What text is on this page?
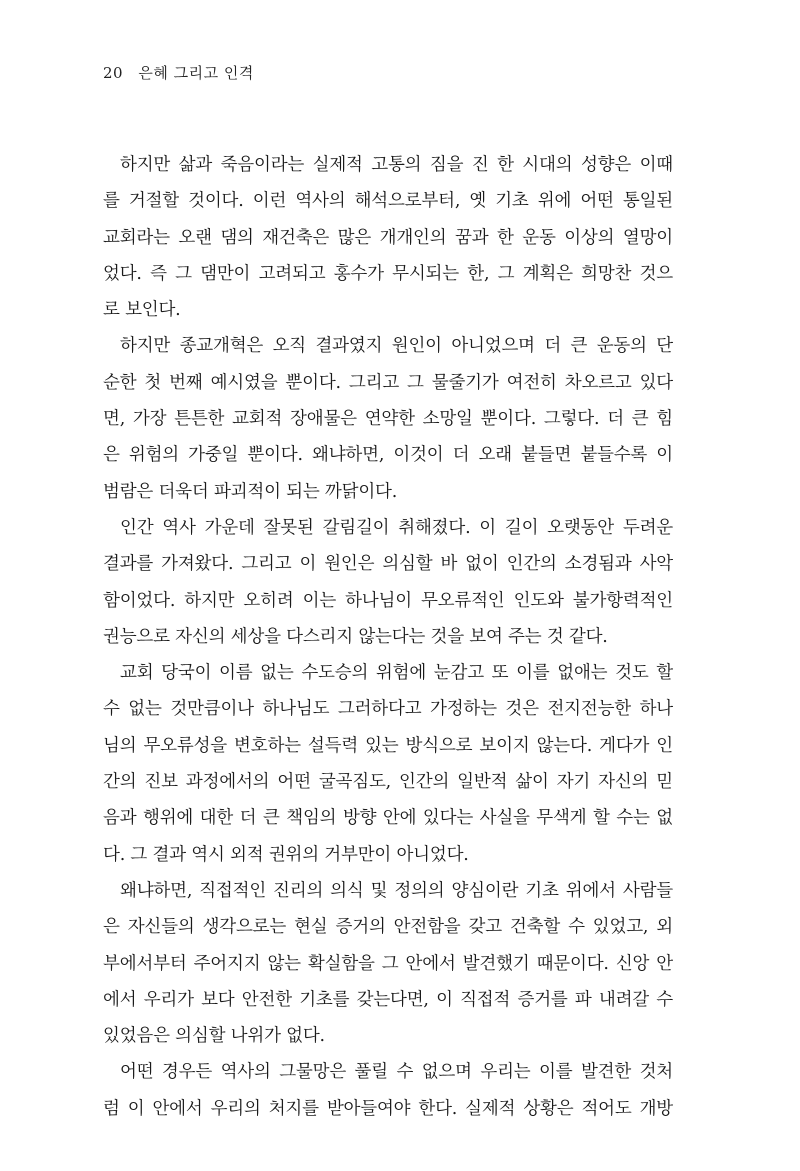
20 은혜 그리고 인격
하지만 삶과 죽음이라는 실제적 고통의 짐을 진 한 시대의 성향은 이때
를 거절할 것이다. 이런 역사의 해석으로부터, 옛 기초 위에 어떤 통일된
교회라는 오랜 댐의 재건축은 많은 개개인의 꿈과 한 운동 이상의 열망이
었다. 즉 그 댐만이 고려되고 홍수가 무시되는 한, 그 계획은 희망찬 것으
로 보인다.
하지만 종교개혁은 오직 결과였지 원인이 아니었으며 더 큰 운동의 단
순한 첫 번째 예시였을 뿐이다. 그리고 그 물줄기가 여전히 차오르고 있다
면, 가장 튼튼한 교회적 장애물은 연약한 소망일 뿐이다. 그렇다. 더 큰 힘
은 위험의 가중일 뿐이다. 왜냐하면, 이것이 더 오래 붙들면 붙들수록 이
범람은 더욱더 파괴적이 되는 까닭이다.
인간 역사 가운데 잘못된 갈림길이 취해졌다. 이 길이 오랫동안 두려운
결과를 가져왔다. 그리고 이 원인은 의심할 바 없이 인간의 소경됨과 사악
함이었다. 하지만 오히려 이는 하나님이 무오류적인 인도와 불가항력적인
권능으로 자신의 세상을 다스리지 않는다는 것을 보여 주는 것 같다.
교회 당국이 이름 없는 수도승의 위험에 눈감고 또 이를 없애는 것도 할
수 없는 것만큼이나 하나님도 그러하다고 가정하는 것은 전지전능한 하나
님의 무오류성을 변호하는 설득력 있는 방식으로 보이지 않는다. 게다가 인
간의 진보 과정에서의 어떤 굴곡짐도, 인간의 일반적 삶이 자기 자신의 믿
음과 행위에 대한 더 큰 책임의 방향 안에 있다는 사실을 무색게 할 수는 없
다. 그 결과 역시 외적 권위의 거부만이 아니었다.
왜냐하면, 직접적인 진리의 의식 및 정의의 양심이란 기초 위에서 사람들
은 자신들의 생각으로는 현실 증거의 안전함을 갖고 건축할 수 있었고, 외
부에서부터 주어지지 않는 확실함을 그 안에서 발견했기 때문이다. 신앙 안
에서 우리가 보다 안전한 기초를 갖는다면, 이 직접적 증거를 파 내려갈 수
있었음은 의심할 나위가 없다.
어떤 경우든 역사의 그물망은 풀릴 수 없으며 우리는 이를 발견한 것처
럼 이 안에서 우리의 처지를 받아들여야 한다. 실제적 상황은 적어도 개방
